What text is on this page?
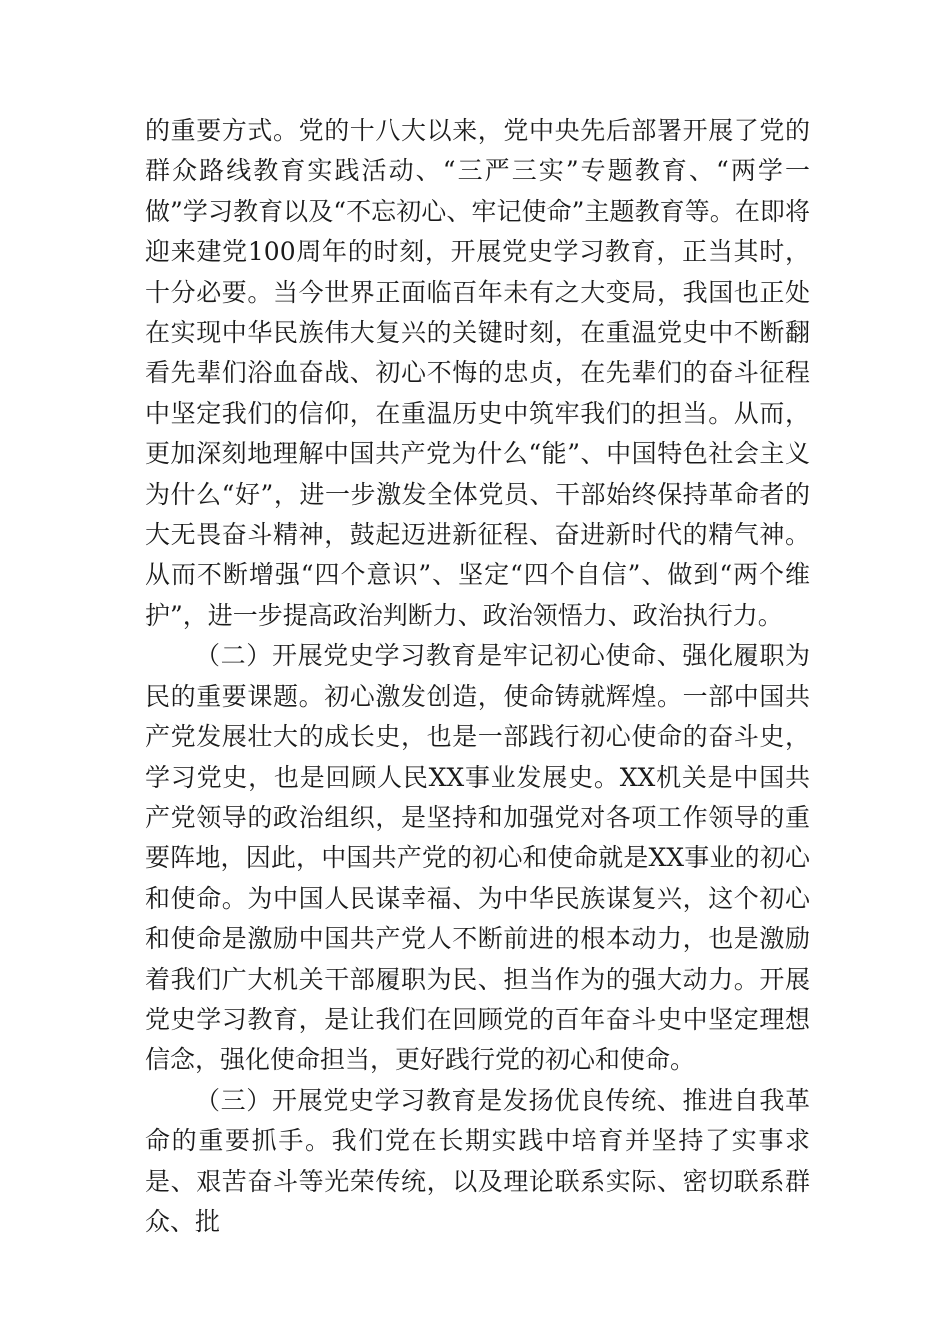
的重要方式。党的十八大以来，党中央先后部署开展了党的群众路线教育实践活动、“三严三实”专题教育、“两学一做”学习教育以及“不忘初心、牢记使命”主题教育等。在即将迎来建党100周年的时刻，开展党史学习教育，正当其时，十分必要。当今世界正面临百年未有之大变局，我国也正处在实现中华民族伟大复兴的关键时刻，在重温党史中不断翻看先辈们浴血奋战、初心不悔的忠贞，在先辈们的奋斗征程中坚定我们的信仰，在重温历史中筑牢我们的担当。从而，更加深刻地理解中国共产党为什么“能”、中国特色社会主义为什么“好”，进一步激发全体党员、干部始终保持革命者的大无畏奋斗精神，鼓起迈进新征程、奋进新时代的精气神。从而不断增强“四个意识”、坚定“四个自信”、做到“两个维护”，进一步提高政治判断力、政治领悟力、政治执行力。

（二）开展党史学习教育是牢记初心使命、强化履职为民的重要课题。初心激发创造，使命铸就辉煌。一部中国共产党发展壮大的成长史，也是一部践行初心使命的奋斗史，学习党史，也是回顾人民XX事业发展史。XX机关是中国共产党领导的政治组织，是坚持和加强党对各项工作领导的重要阵地，因此，中国共产党的初心和使命就是XX事业的初心和使命。为中国人民谋幸福、为中华民族谋复兴，这个初心和使命是激励中国共产党人不断前进的根本动力，也是激励着我们广大机关干部履职为民、担当作为的强大动力。开展党史学习教育，是让我们在回顾党的百年奋斗史中坚定理想信念，强化使命担当，更好践行党的初心和使命。

（三）开展党史学习教育是发扬优良传统、推进自我革命的重要抓手。我们党在长期实践中培育并坚持了实事求是、艰苦奋斗等光荣传统，以及理论联系实际、密切联系群众、批
